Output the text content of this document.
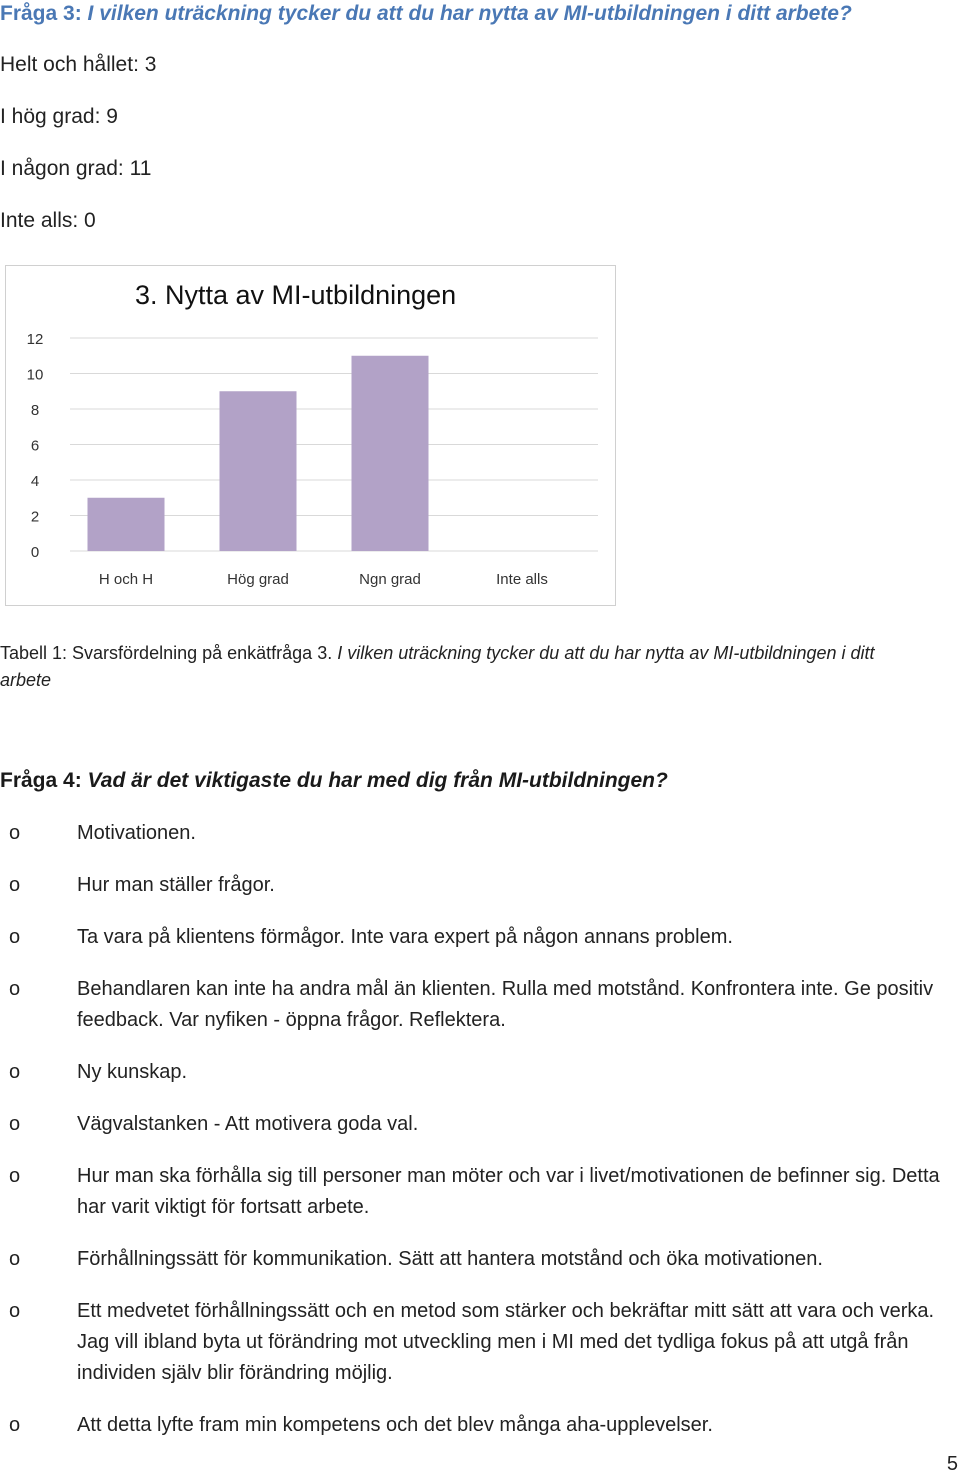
Fråga 3: I vilken uträckning tycker du att du har nytta av MI-utbildningen i ditt arbete?
Helt och hållet: 3
I hög grad: 9
I någon grad: 11
Inte alls: 0
3. Nytta av MI-utbildningen
0
2
4
6
8
10
12
H och H	Hög grad	Ngn grad	Inte alls
Tabell 1: Svarsfördelning på enkätfråga 3. I vilken uträckning tycker du att du har nytta av MI-utbildningen i ditt arbete
Fråga 4: Vad är det viktigaste du har med dig från MI-utbildningen?
o	Motivationen.
o	Hur man ställer frågor.
o	Ta vara på klientens förmågor. Inte vara expert på någon annans problem.
o	Behandlaren kan inte ha andra mål än klienten. Rulla med motstånd. Konfrontera inte. Ge positiv feedback. Var nyfiken - öppna frågor. Reflektera.
o	Ny kunskap.
o	Vägvalstanken - Att motivera goda val.
o	Hur man ska förhålla sig till personer man möter och var i livet/motivationen de befinner sig. Detta har varit viktigt för fortsatt arbete.
o	Förhållningssätt för kommunikation. Sätt att hantera motstånd och öka motivationen.
o	Ett medvetet förhållningssätt och en metod som stärker och bekräftar mitt sätt att vara och verka. Jag vill ibland byta ut förändring mot utveckling men i MI med det tydliga fokus på att utgå från individen själv blir förändring möjlig.
o	Att detta lyfte fram min kompetens och det blev många aha-upplevelser.
5
